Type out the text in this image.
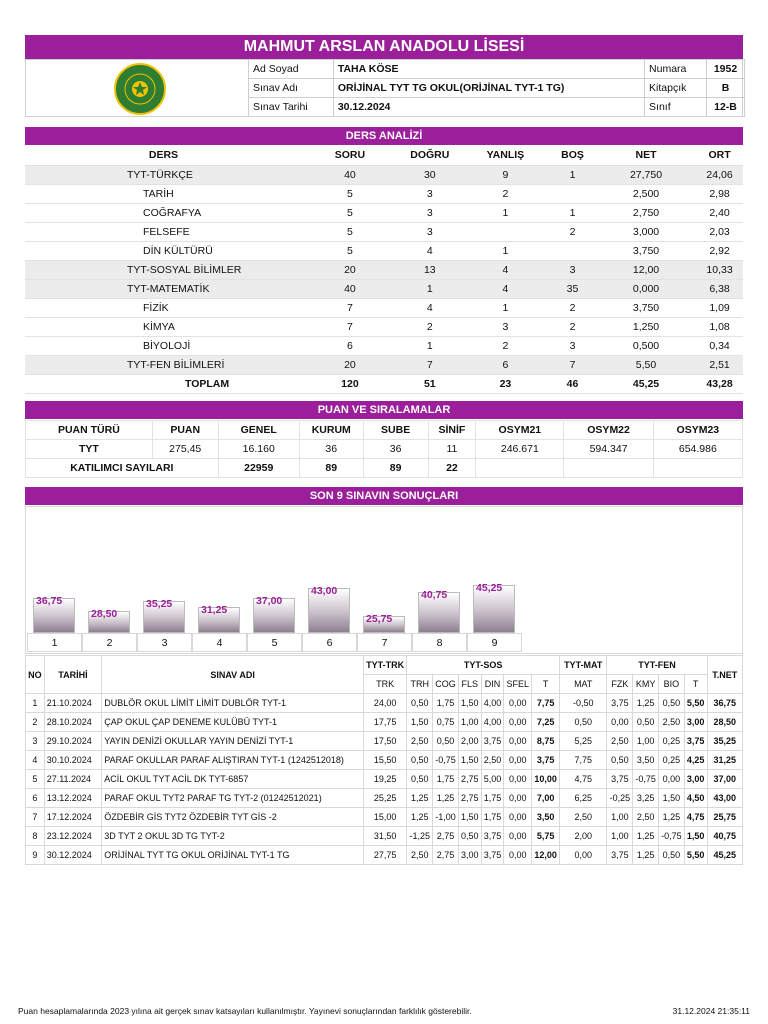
MAHMUT ARSLAN ANADOLU LİSESİ
Ad Soyad	TAHA KÖSE	Numara	1952
Sınav Adı	ORİJİNAL TYT TG OKUL(ORİJİNAL TYT-1 TG)	Kitapçık	B
Sınav Tarihi	30.12.2024	Sınıf	12-B
DERS ANALİZİ
DERS	SORU	DOĞRU	YANLIŞ	BOŞ	NET	ORT
TYT-TÜRKÇE	40	30	9	1	27,750	24,06
TARİH	5	3	2		2,500	2,98
COĞRAFYA	5	3	1	1	2,750	2,40
FELSEFE	5	3		2	3,000	2,03
DİN KÜLTÜRÜ	5	4	1		3,750	2,92
TYT-SOSYAL BİLİMLER	20	13	4	3	12,00	10,33
TYT-MATEMATİK	40	1	4	35	0,000	6,38
FİZİK	7	4	1	2	3,750	1,09
KİMYA	7	2	3	2	1,250	1,08
BİYOLOJİ	6	1	2	3	0,500	0,34
TYT-FEN BİLİMLERİ	20	7	6	7	5,50	2,51
TOPLAM	120	51	23	46	45,25	43,28
PUAN VE SIRALAMALAR
PUAN TÜRÜ	PUAN	GENEL	KURUM	SUBE	SİNİF	OSYM21	OSYM22	OSYM23
TYT	275,45	16.160	36	36	11	246.671	594.347	654.986
KATILIMCI SAYILARI		22959	89	89	22			
SON 9 SINAVIN SONUÇLARI
36,75
1
28,50
2
35,25
3
31,25
4
37,00
5
43,00
6
25,75
7
40,75
8
45,25
9
NO	TARİHİ	SINAV ADI	TYT-TRK	TYT-SOS						TYT-MAT	TYT-FEN				T.NET
			TRK	TRH	COG	FLS	DIN	SFEL	T	MAT	FZK	KMY	BIO	T	
1	21.10.2024	DUBLÖR OKUL LİMİT LİMİT DUBLÖR TYT-1	24,00	0,50	1,75	1,50	4,00	0,00	7,75	-0,50	3,75	1,25	0,50	5,50	36,75
2	28.10.2024	ÇAP OKUL ÇAP DENEME KULÜBÜ TYT-1	17,75	1,50	0,75	1,00	4,00	0,00	7,25	0,50	0,00	0,50	2,50	3,00	28,50
3	29.10.2024	YAYIN DENİZİ OKULLAR YAYIN DENİZİ TYT-1	17,50	2,50	0,50	2,00	3,75	0,00	8,75	5,25	2,50	1,00	0,25	3,75	35,25
4	30.10.2024	PARAF OKULLAR PARAF ALIŞTIRAN TYT-1 (1242512018)	15,50	0,50	-0,75	1,50	2,50	0,00	3,75	7,75	0,50	3,50	0,25	4,25	31,25
5	27.11.2024	ACİL OKUL TYT ACİL DK TYT-6857	19,25	0,50	1,75	2,75	5,00	0,00	10,00	4,75	3,75	-0,75	0,00	3,00	37,00
6	13.12.2024	PARAF OKUL TYT2 PARAF TG TYT-2 (01242512021)	25,25	1,25	1,25	2,75	1,75	0,00	7,00	6,25	-0,25	3,25	1,50	4,50	43,00
7	17.12.2024	ÖZDEBİR GİS TYT2 ÖZDEBİR TYT GİS -2	15,00	1,25	-1,00	1,50	1,75	0,00	3,50	2,50	1,00	2,50	1,25	4,75	25,75
8	23.12.2024	3D TYT 2 OKUL 3D TG TYT-2	31,50	-1,25	2,75	0,50	3,75	0,00	5,75	2,00	1,00	1,25	-0,75	1,50	40,75
9	30.12.2024	ORİJİNAL TYT TG OKUL ORİJİNAL TYT-1 TG	27,75	2,50	2,75	3,00	3,75	0,00	12,00	0,00	3,75	1,25	0,50	5,50	45,25
Puan hesaplamalarında 2023 yılına ait gerçek sınav katsayıları kullanılmıştır. Yayınevi sonuçlarından farklılık gösterebilir.	31.12.2024 21:35:11
